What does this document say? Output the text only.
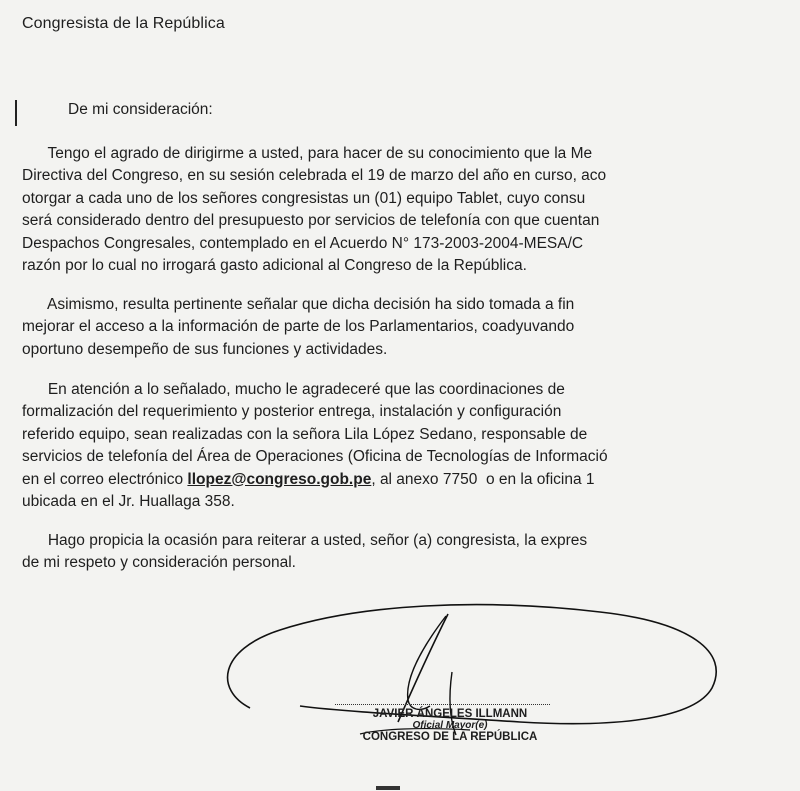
Congresista de la República
De mi consideración:

Tengo el agrado de dirigirme a usted, para hacer de su conocimiento que la Me
Directiva del Congreso, en su sesión celebrada el 19 de marzo del año en curso, aco
otorgar a cada uno de los señores congresistas un (01) equipo Tablet, cuyo consu
será considerado dentro del presupuesto por servicios de telefonía con que cuentan
Despachos Congresales, contemplado en el Acuerdo N° 173-2003-2004-MESA/C
razón por lo cual no irrogará gasto adicional al Congreso de la República.

Asimismo, resulta pertinente señalar que dicha decisión ha sido tomada a fin
mejorar el acceso a la información de parte de los Parlamentarios, coadyuvando
oportuno desempeño de sus funciones y actividades.

En atención a lo señalado, mucho le agradeceré que las coordinaciones de
formalización del requerimiento y posterior entrega, instalación y configuración
referido equipo, sean realizadas con la señora Lila López Sedano, responsable de
servicios de telefonía del Área de Operaciones (Oficina de Tecnologías de Informació
en el correo electrónico llopez@congreso.gob.pe, al anexo 7750  o en la oficina 1
ubicada en el Jr. Huallaga 358.

Hago propicia la ocasión para reiterar a usted, señor (a) congresista, la expres
de mi respeto y consideración personal.

JAVIER ÁNGELES ILLMANN
Oficial Mayor(e)
CONGRESO DE LA REPÚBLICA
